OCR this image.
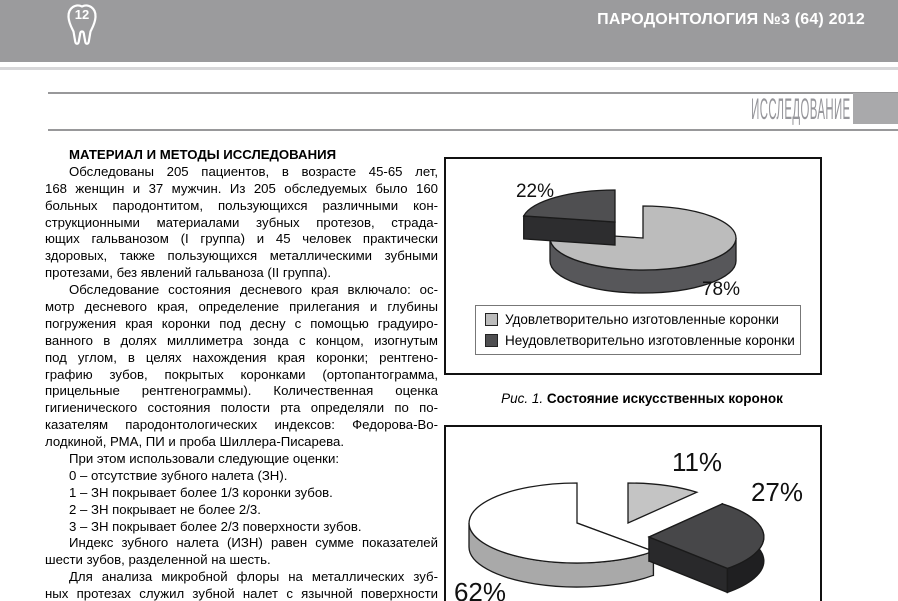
12	ПАРОДОНТОЛОГИЯ №3 (64) 2012
ИССЛЕДОВАНИЕ
МАТЕРИАЛ И МЕТОДЫ ИССЛЕДОВАНИЯ
Обследованы 205 пациентов, в возрасте 45-65 лет,
168 женщин и 37 мужчин. Из 205 обследуемых было 160
больных пародонтитом, пользующихся различными кон-
струкционными материалами зубных протезов, страда-
ющих гальванозом (I группа) и 45 человек практически
здоровых, также пользующихся металлическими зубными
протезами, без явлений гальваноза (II группа).
Обследование состояния десневого края включало: ос-
мотр десневого края, определение прилегания и глубины
погружения края коронки под десну с помощью градуиро-
ванного в долях миллиметра зонда с концом, изогнутым
под углом, в целях нахождения края коронки; рентгено-
графию зубов, покрытых коронками (ортопантограмма,
прицельные рентгенограммы). Количественная оценка
гигиенического состояния полости рта определяли по по-
казателям пародонтологических индексов: Федорова-Во-
лодкиной, РМА, ПИ и проба Шиллера-Писарева.
При этом использовали следующие оценки:
0 – отсутствие зубного налета (ЗН).
1 – ЗН покрывает более 1/3 коронки зубов.
2 – ЗН покрывает не более 2/3.
3 – ЗН покрывает более 2/3 поверхности зубов.
Индекс зубного налета (ИЗН) равен сумме показателей
шести зубов, разделенной на шесть.
Для анализа микробной флоры на металлических зуб-
ных протезах служил зубной налет с язычной поверхности
22%
78%
Удовлетворительно изготовленные коронки
Неудовлетворительно изготовленные коронки
Рис. 1. Состояние искусственных коронок
11%
27%
62%
